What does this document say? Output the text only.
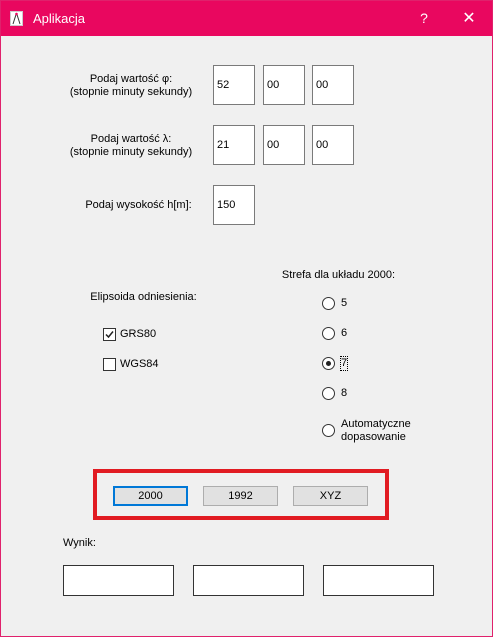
Aplikacja	?	✕
Podaj wartość φ:
(stopnie minuty sekundy)
52
00
00
Podaj wartość λ:
(stopnie minuty sekundy)
21
00
00
Podaj wysokość h[m]:
150
Strefa dla układu 2000:
Elipsoida odniesienia:
GRS80
WGS84
5
6
7
8
Automatyczne
dopasowanie
2000	1992	XYZ
Wynik:
